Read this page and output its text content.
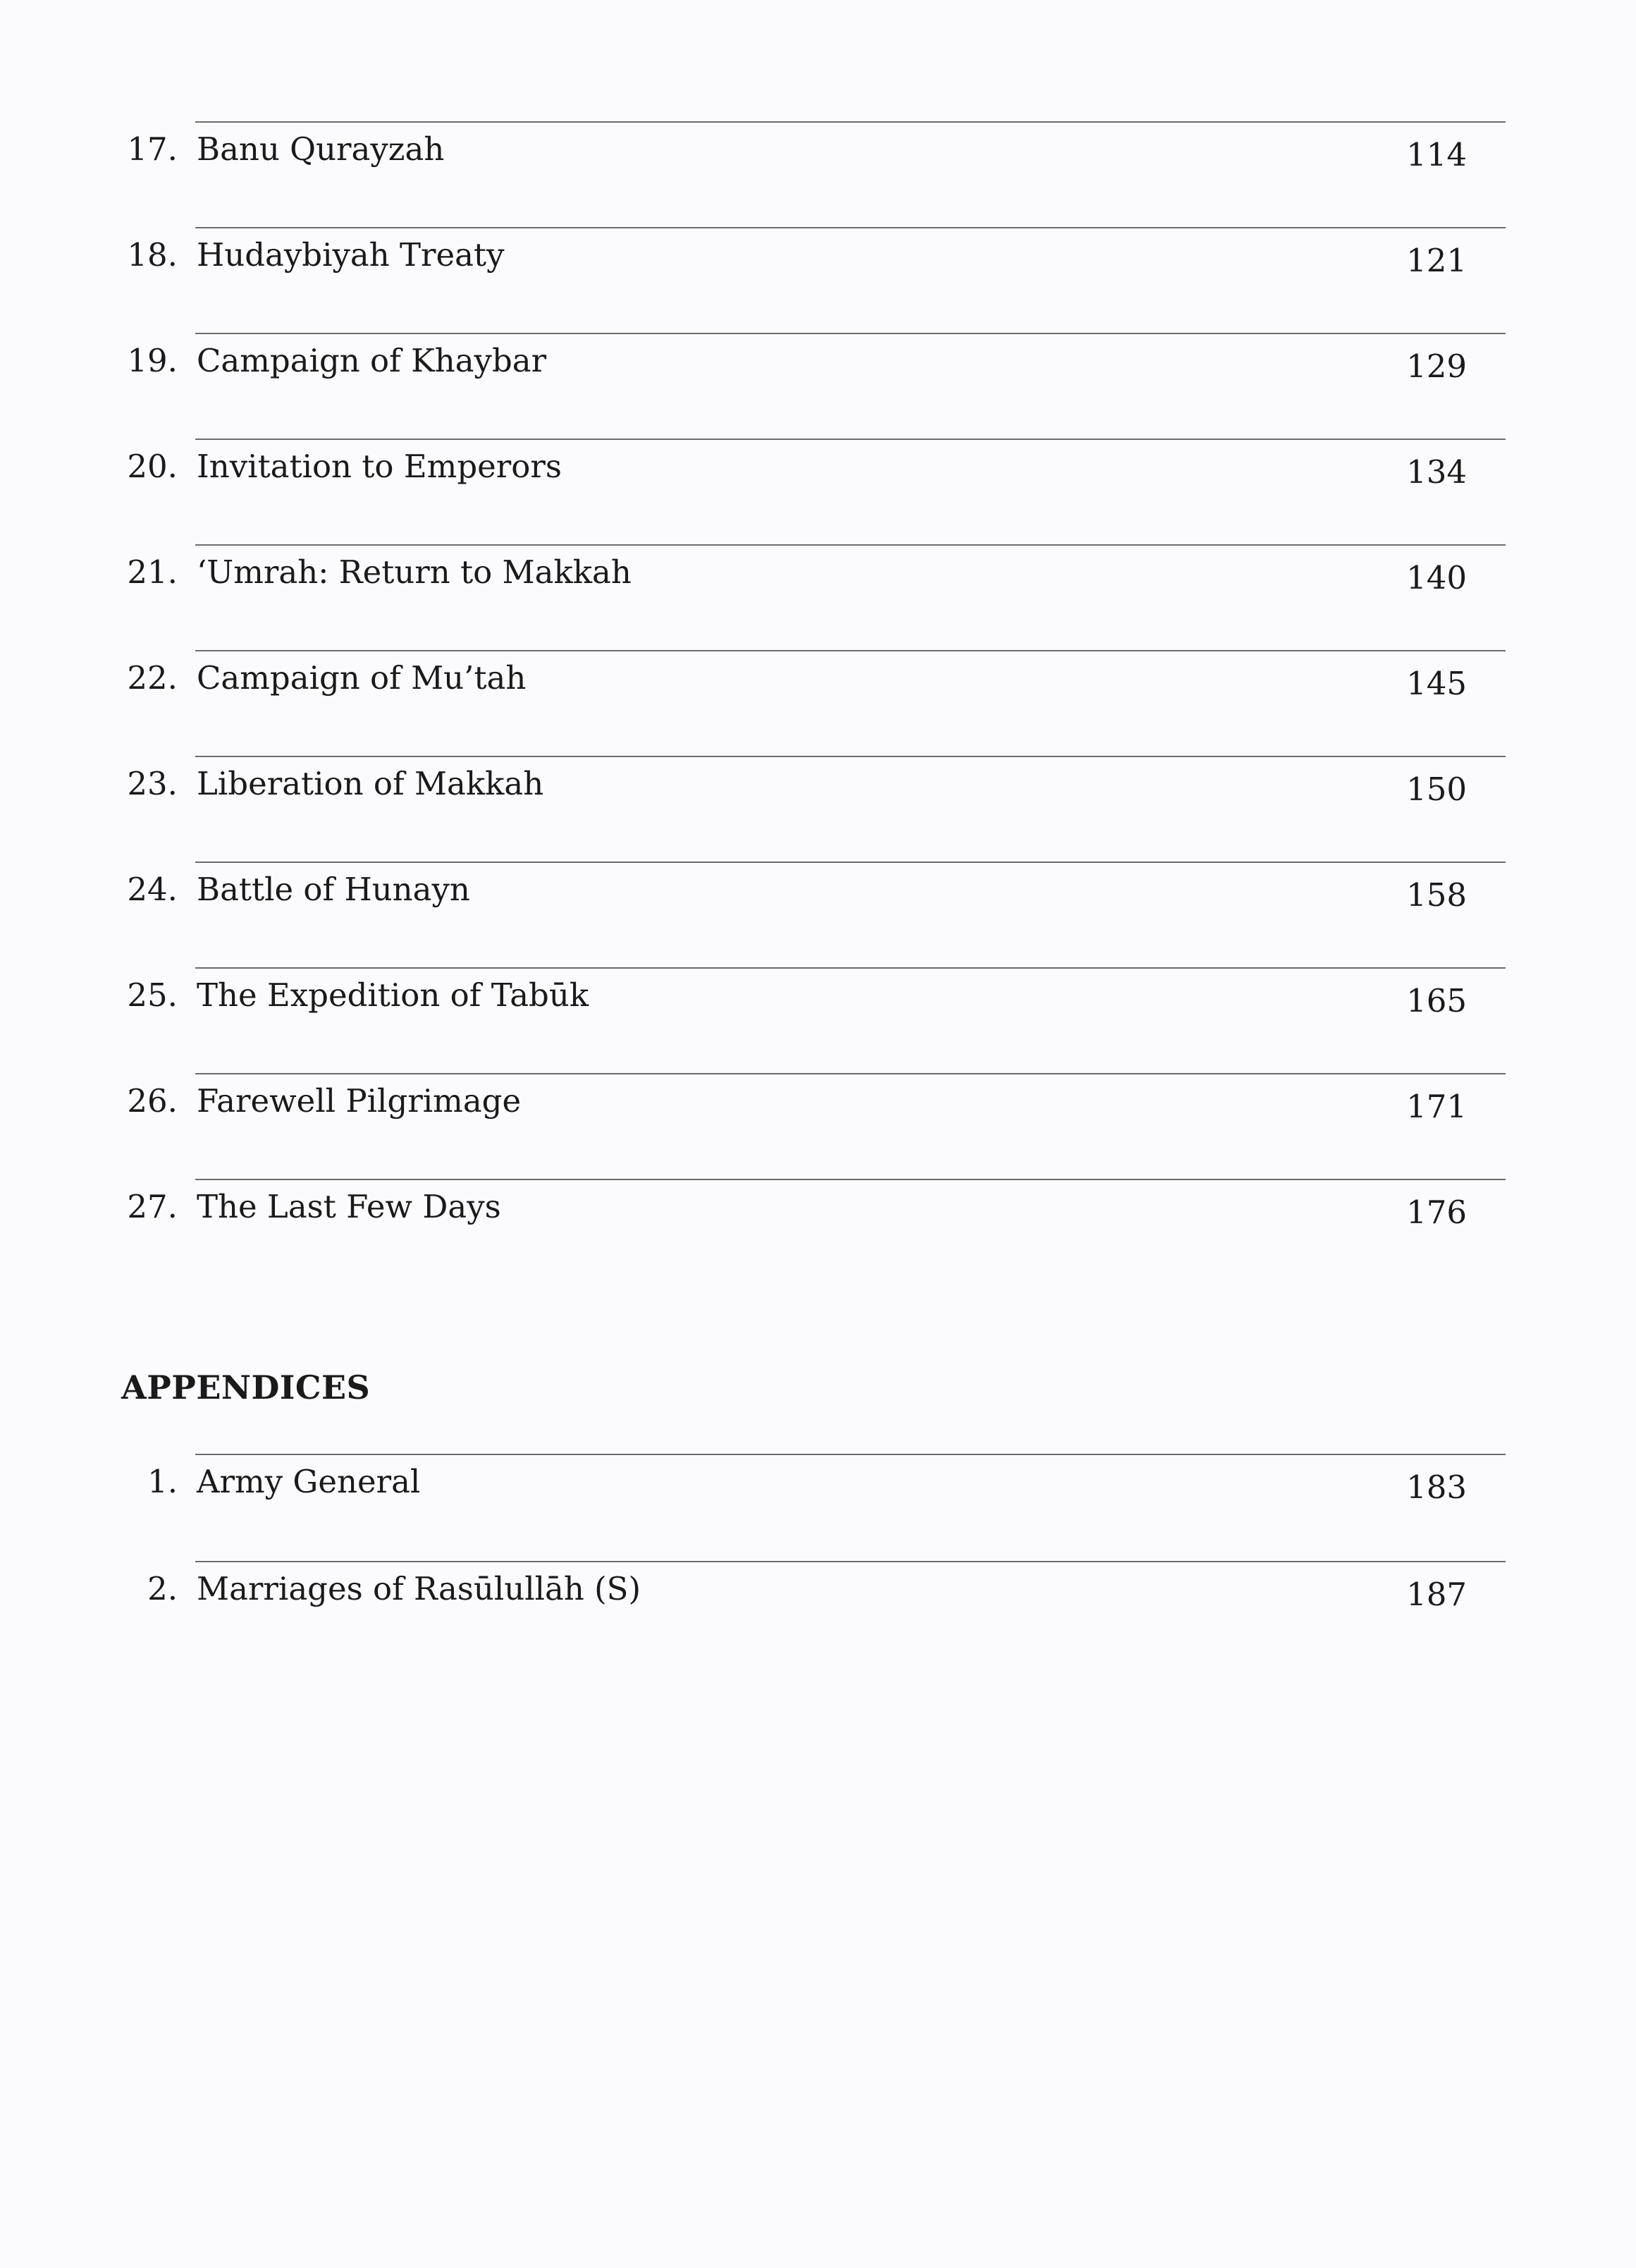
17. Banu Qurayzah	114
18. Hudaybiyah Treaty	121
19. Campaign of Khaybar	129
20. Invitation to Emperors	134
21. ‘Umrah: Return to Makkah	140
22. Campaign of Mu’tah	145
23. Liberation of Makkah	150
24. Battle of Hunayn	158
25. The Expedition of Tabūk	165
26. Farewell Pilgrimage	171
27. The Last Few Days	176
APPENDICES
1. Army General	183
2. Marriages of Rasūlullāh (S)	187
